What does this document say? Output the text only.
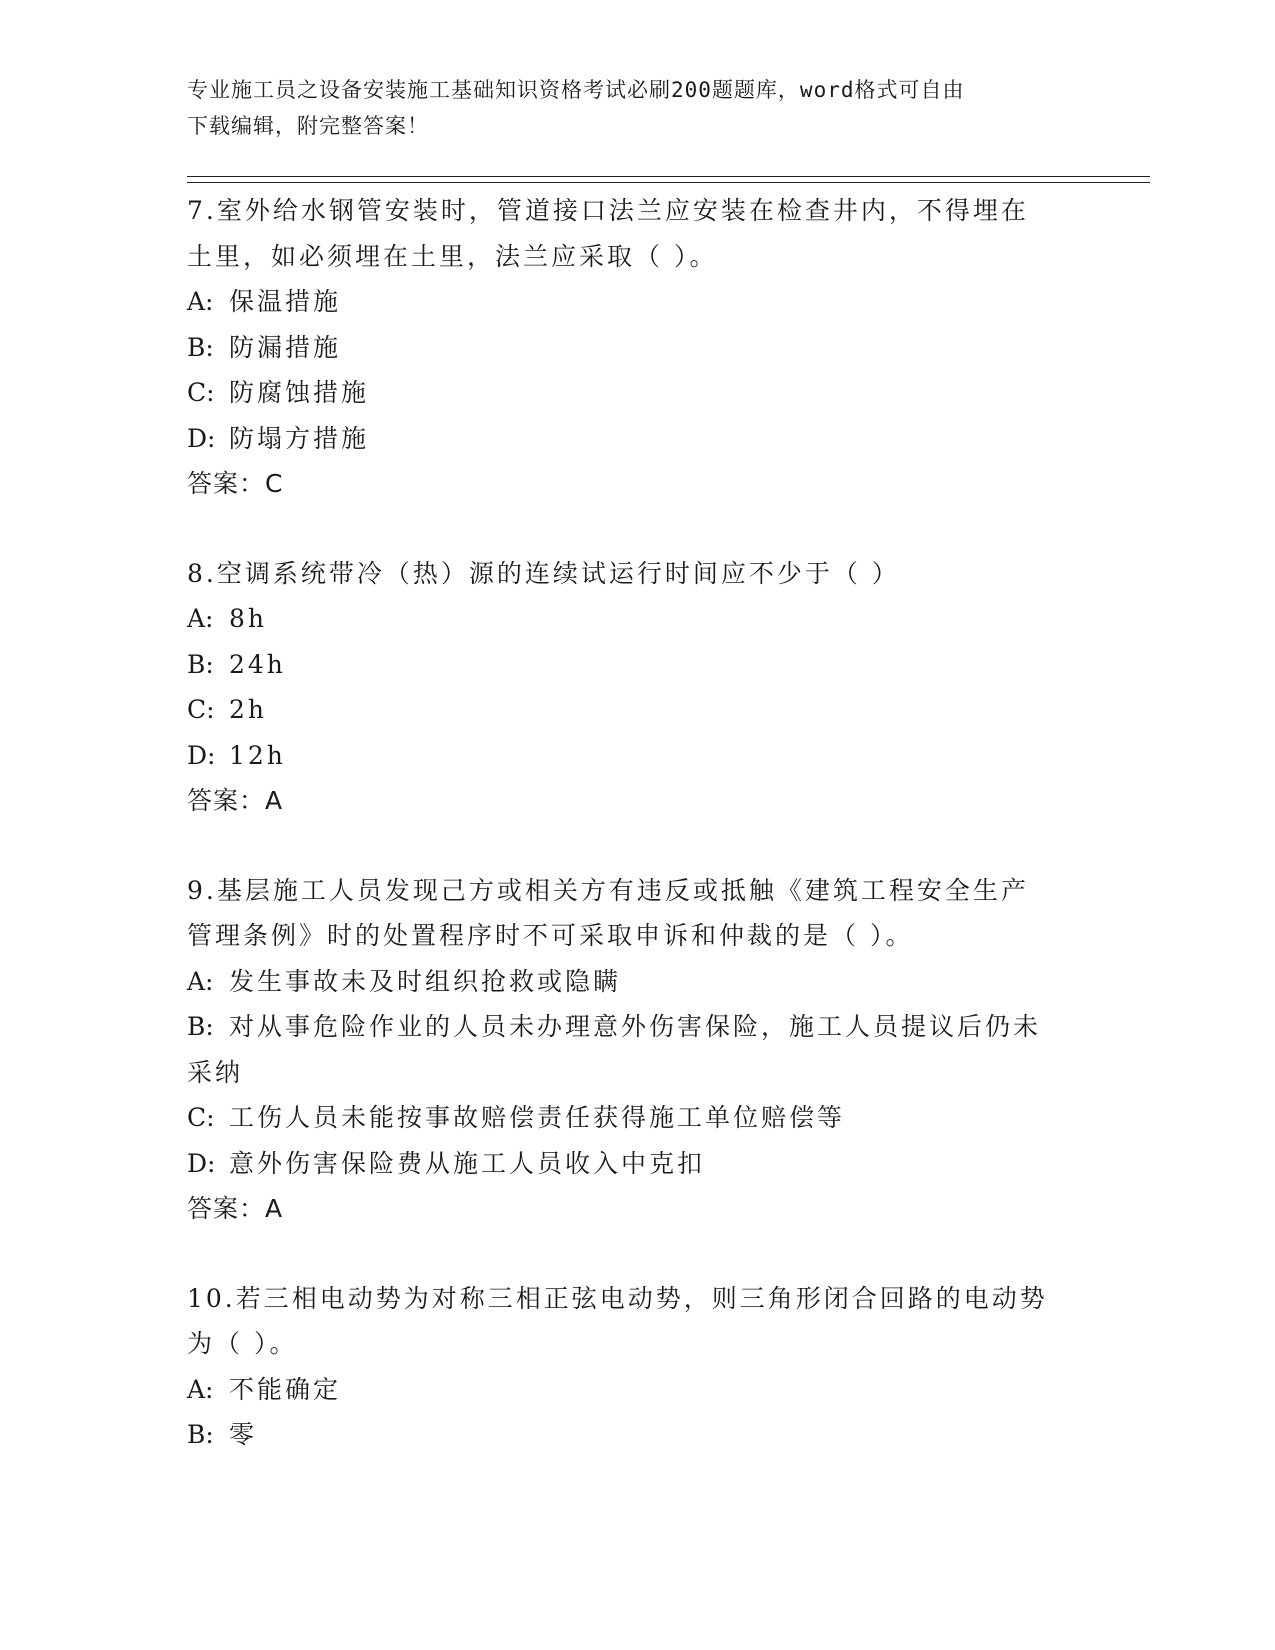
专业施工员之设备安装施工基础知识资格考试必刷200题题库，word格式可自由
下载编辑，附完整答案！
7.室外给水钢管安装时，管道接口法兰应安装在检查井内，不得埋在
土里，如必须埋在土里，法兰应采取（ ）。
A: 保温措施
B: 防漏措施
C: 防腐蚀措施
D: 防塌方措施
答案：C
8.空调系统带冷（热）源的连续试运行时间应不少于（ ）
A: 8h
B: 24h
C: 2h
D: 12h
答案：A
9.基层施工人员发现己方或相关方有违反或抵触《建筑工程安全生产
管理条例》时的处置程序时不可采取申诉和仲裁的是（ ）。
A: 发生事故未及时组织抢救或隐瞒
B: 对从事危险作业的人员未办理意外伤害保险，施工人员提议后仍未
采纳
C: 工伤人员未能按事故赔偿责任获得施工单位赔偿等
D: 意外伤害保险费从施工人员收入中克扣
答案：A
10.若三相电动势为对称三相正弦电动势，则三角形闭合回路的电动势
为（ ）。
A: 不能确定
B: 零
